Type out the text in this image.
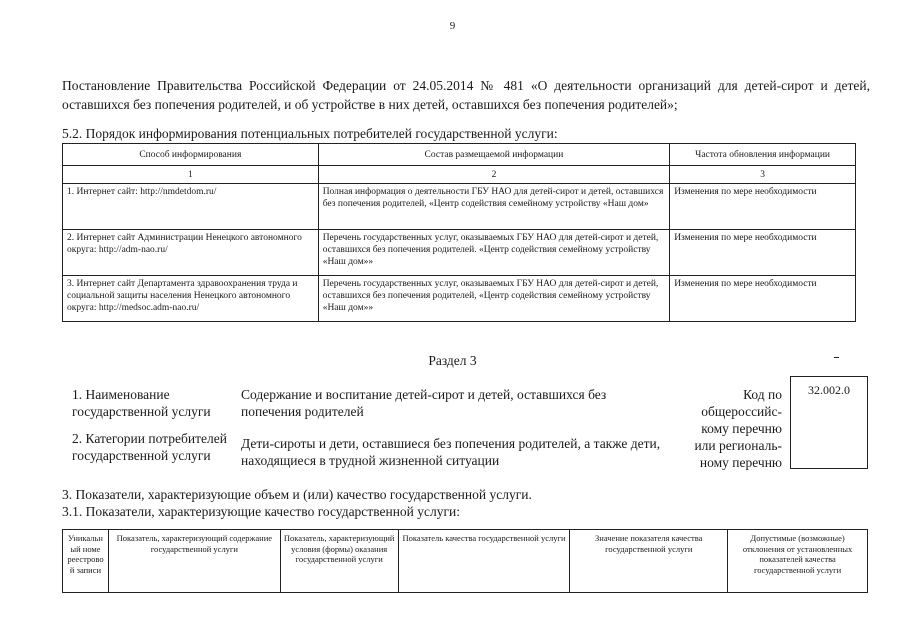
9
Постановление Правительства Российской Федерации от 24.05.2014 № 481 «О деятельности организаций для детей-сирот и детей, оставшихся без попечения родителей, и об устройстве в них детей, оставшихся без попечения родителей»;
5.2. Порядок информирования потенциальных потребителей государственной услуги:
Способ информирования	Состав размещаемой информации	Частота обновления информации
1	2	3
1. Интернет сайт: http://nmdetdom.ru/	Полная информация о деятельности ГБУ НАО для детей-сирот и детей, оставшихся без попечения родителей, «Центр содействия семейному устройству «Наш дом»	Изменения по мере необходимости
2. Интернет сайт Администрации Ненецкого автономного округа: http://adm-nao.ru/	Перечень государственных услуг, оказываемых ГБУ НАО для детей-сирот и детей, оставшихся без попечения родителей. «Центр содействия семейному устройству «Наш дом»»	Изменения по мере необходимости
3. Интернет сайт Департамента здравоохранения труда и социальной защиты населения Ненецкого автономного округа: http://medsoc.adm-nao.ru/	Перечень государственных услуг, оказываемых ГБУ НАО для детей-сирот и детей, оставшихся без попечения родителей, «Центр содействия семейному устройству «Наш дом»»	Изменения по мере необходимости
Раздел 3
1. Наименование
государственной услуги
Содержание и воспитание детей-сирот и детей, оставшихся без
попечения родителей
2. Категории потребителей
государственной услуги
Дети-сироты и дети, оставшиеся без попечения родителей, а также дети,
находящиеся в трудной жизненной ситуации
Код по
общероссийс-
кому перечню
или региональ-
ному перечню
32.002.0
3. Показатели, характеризующие объем и (или) качество государственной услуги.
3.1. Показатели, характеризующие качество государственной услуги:
Уникальн ый номе реестрово й записи	Показатель, характеризующий содержание государственной услуги	Показатель, характеризующий условия (формы) оказания государственной услуги	Показатель качества государственной услуги	Значение показателя качества государственной услуги	Допустимые (возможные) отклонения от установленных показателей качества государственной услуги
